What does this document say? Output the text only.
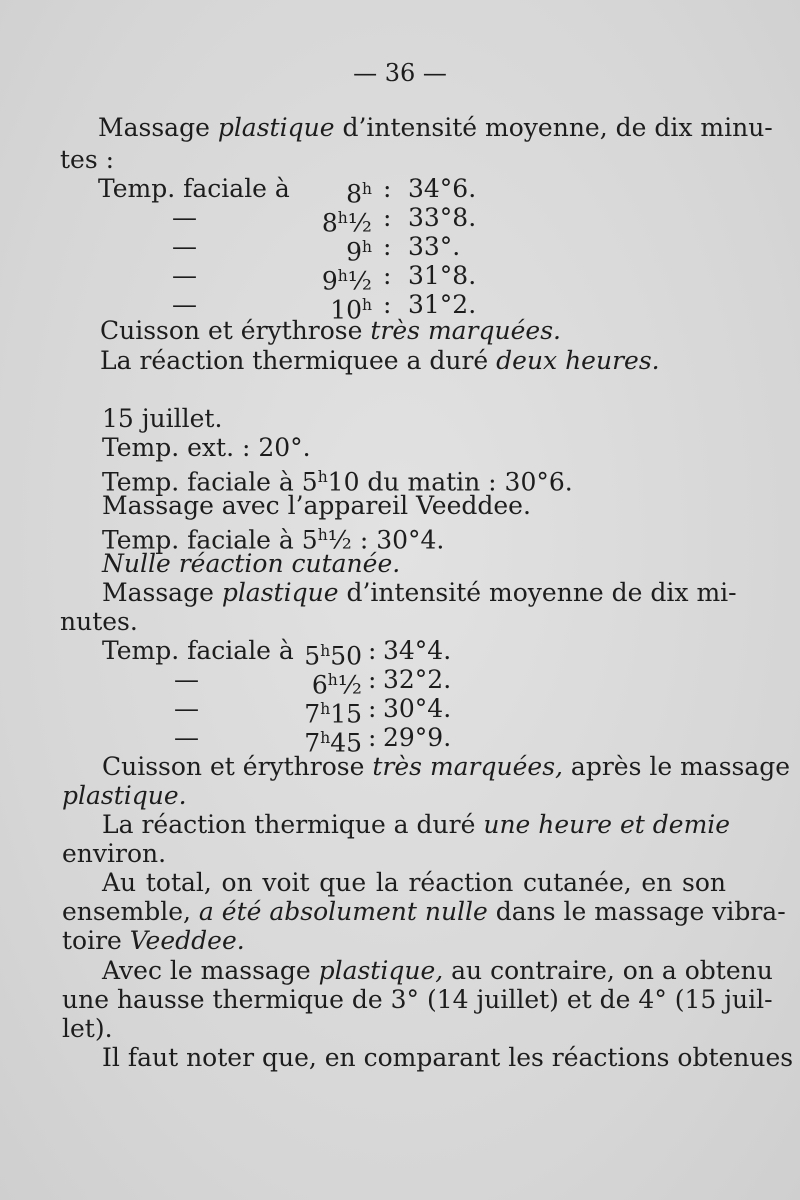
— 36 —
Massage plastique d’intensité moyenne, de dix minu-
tes :
Temp. faciale à 8$^h$ : 34°6.
—	8$^h$½ : 33°8.
—	9$^h$ : 33°.
—	9$^h$½ : 31°8.
—	10$^h$ : 31°2.
Cuisson et érythrose très marquées.
La réaction thermiquee a duré deux heures.
15 juillet.
Temp. ext. : 20°.
Temp. faciale à 5$^h$10 du matin : 30°6.
Massage avec l’appareil Veeddee.
Temp. faciale à 5$^h$½ : 30°4.
Nulle réaction cutanée.
Massage plastique d’intensité moyenne de dix mi-
nutes.
Temp. faciale à 5$^h$50 : 34°4.
—	6$^h$½ : 32°2.
—	7$^h$15 : 30°4.
—	7$^h$45 : 29°9.
Cuisson et érythrose très marquées, après le massage
plastique.
La réaction thermique a duré une heure et demie
environ.
Au total, on voit que la réaction cutanée, en son
ensemble, a été absolument nulle dans le massage vibra-
toire Veeddee.
Avec le massage plastique, au contraire, on a obtenu
une hausse thermique de 3° (14 juillet) et de 4° (15 juil-
let).
Il faut noter que, en comparant les réactions obtenues
